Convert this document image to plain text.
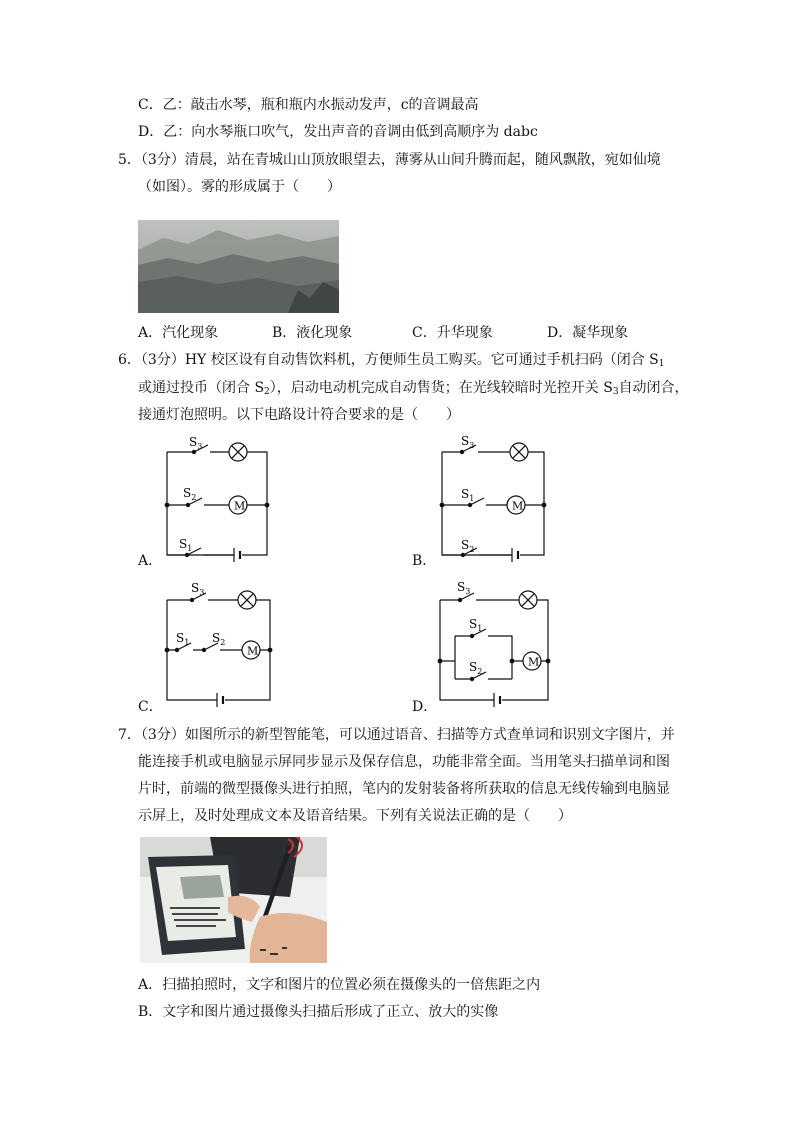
C．乙：敲击水琴，瓶和瓶内水振动发声，c的音调最高
D．乙：向水琴瓶口吹气，发出声音的音调由低到高顺序为 dabc
5．（3分）清晨，站在青城山山顶放眼望去，薄雾从山间升腾而起，随风飘散，宛如仙境
（如图）。雾的形成属于（　　）
A．汽化现象	B．液化现象	C．升华现象	D．凝华现象
6．（3分）HY 校区设有自动售饮料机，方便师生员工购买。它可通过手机扫码（闭合 $S_1$
或通过投币（闭合 $S_2$），启动电动机完成自动售货；在光线较暗时光控开关 $S_3$自动闭合，
接通灯泡照明。以下电路设计符合要求的是（　　）
M
$S_3$
$S_2$
$S_1$
A．
M
$S_3$
$S_1$
$S_2$
B．
M
$S_3$
$S_1$ $S_2$
C．
M
$S_3$
$S_1$
$S_2$
D．
7．（3分）如图所示的新型智能笔，可以通过语音、扫描等方式查单词和识别文字图片，并
能连接手机或电脑显示屏同步显示及保存信息，功能非常全面。当用笔头扫描单词和图
片时，前端的微型摄像头进行拍照，笔内的发射装备将所获取的信息无线传输到电脑显
示屏上，及时处理成文本及语音结果。下列有关说法正确的是（　　）
A．扫描拍照时，文字和图片的位置必须在摄像头的一倍焦距之内
B．文字和图片通过摄像头扫描后形成了正立、放大的实像
